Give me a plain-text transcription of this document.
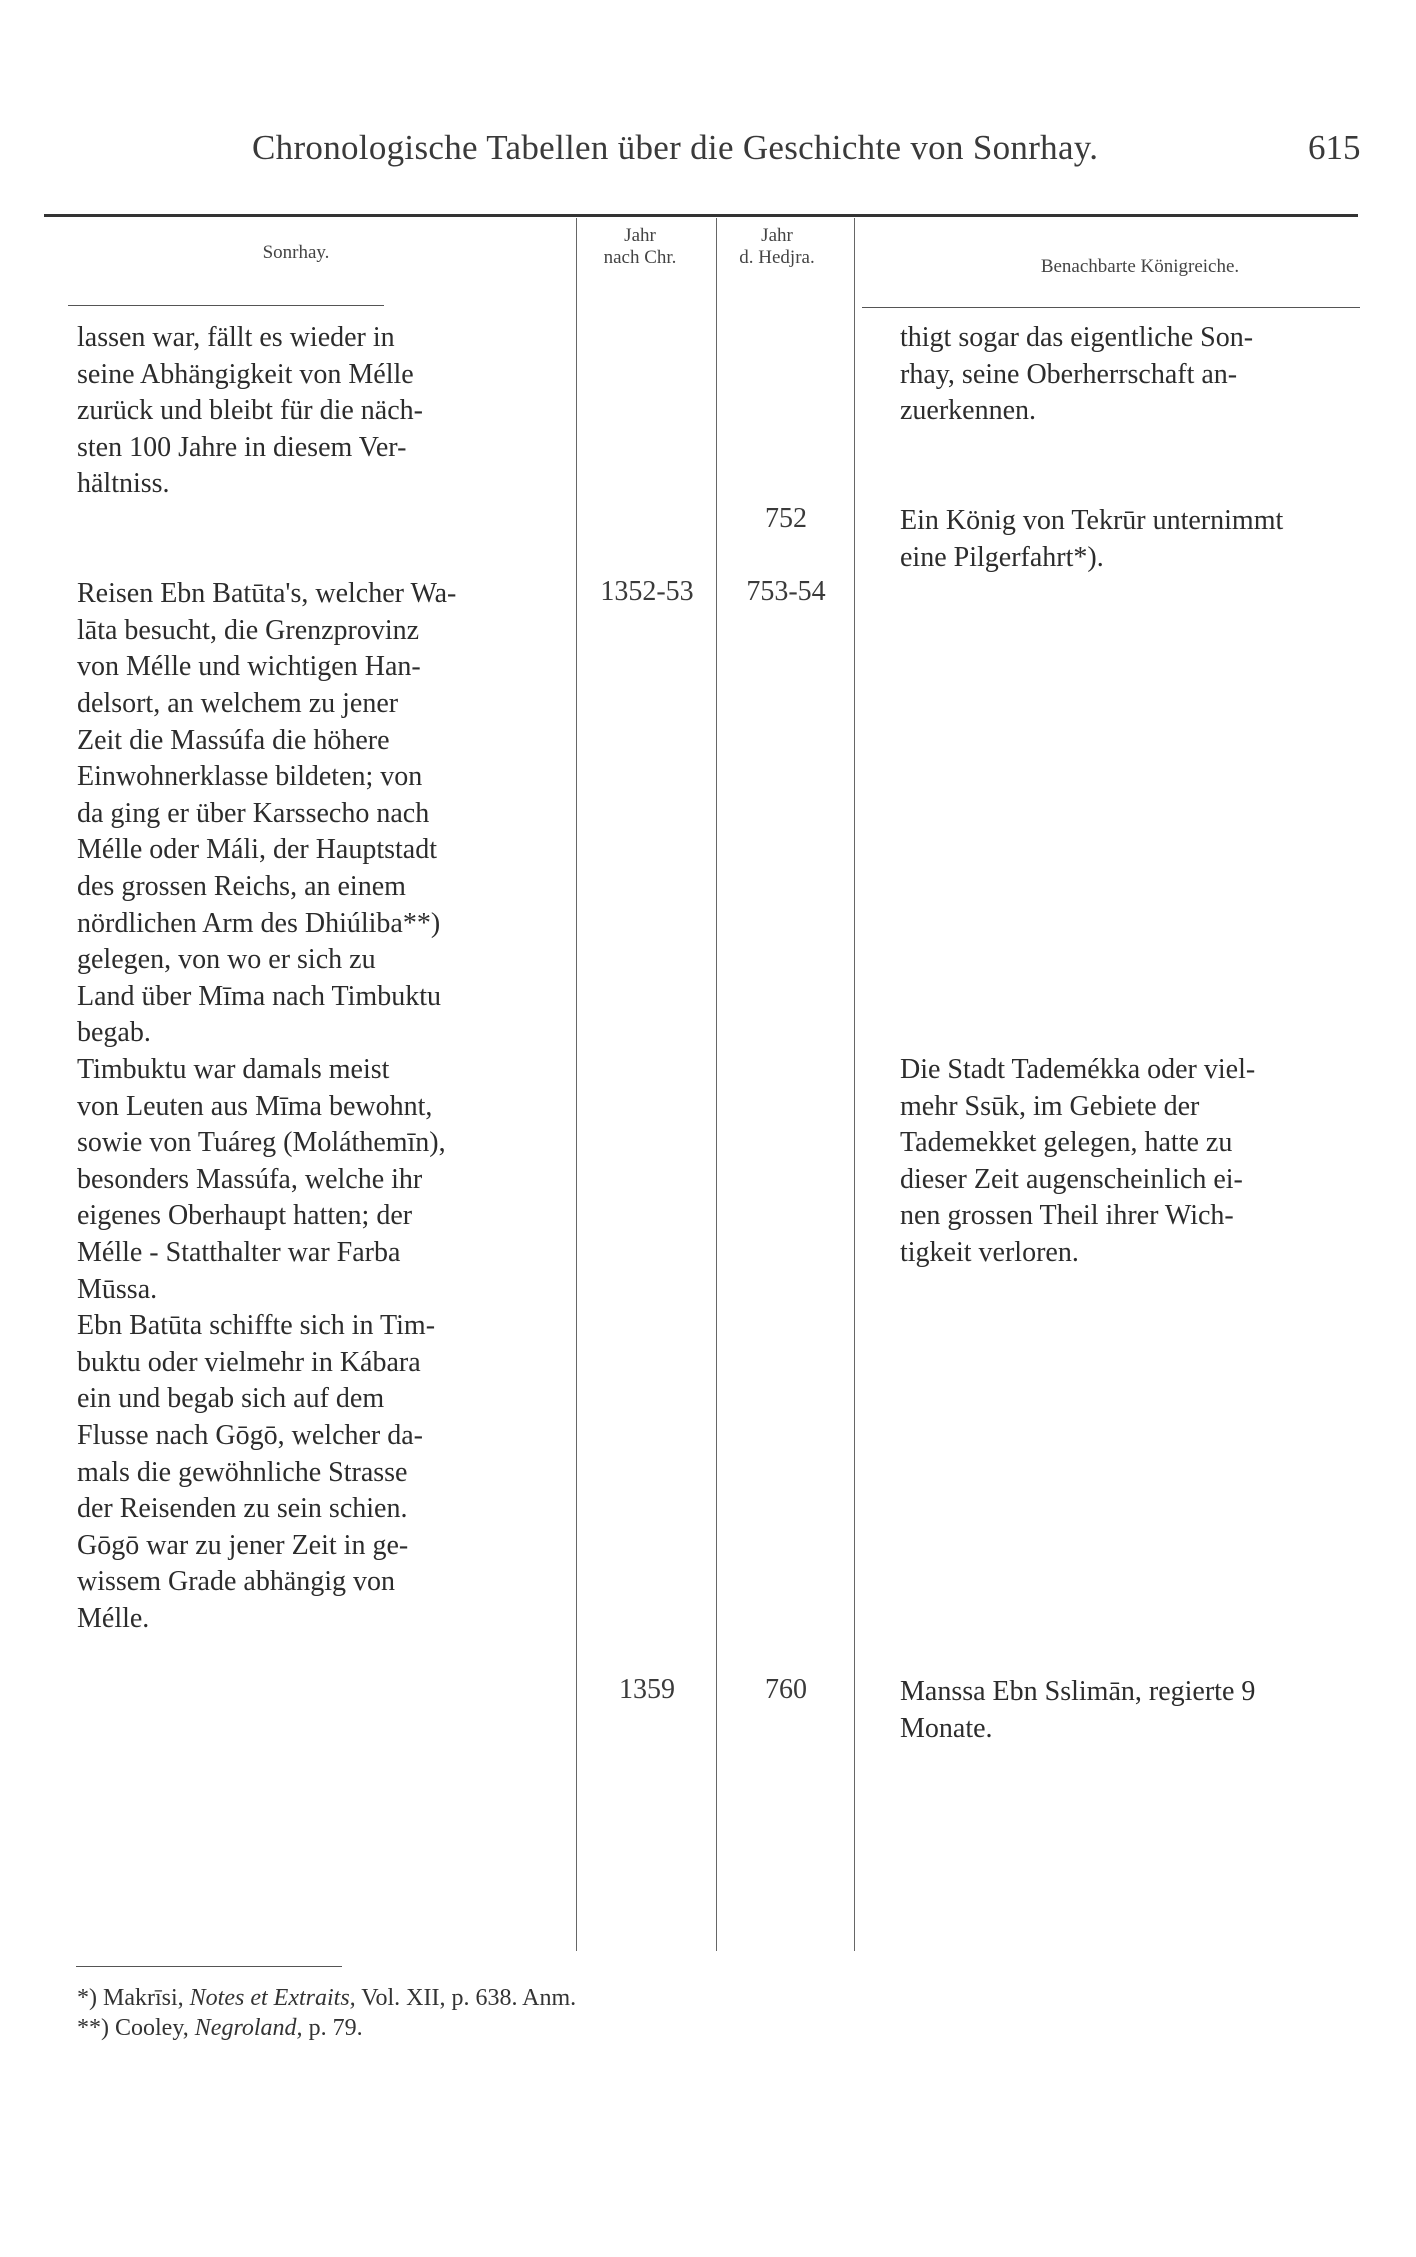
Chronologische Tabellen über die Geschichte von Sonrhay.	615
Sonrhay.
Jahr
nach Chr.
Jahr
d. Hedjra.	Benachbarte Königreiche.
lassen war, fällt es wieder in
seine Abhängigkeit von Mélle
zurück und bleibt für die näch-
sten 100 Jahre in diesem Ver-
hältniss.
Reisen Ebn Batūta's, welcher Wa-
lāta besucht, die Grenzprovinz
von Mélle und wichtigen Han-
delsort, an welchem zu jener
Zeit die Massúfa die höhere
Einwohnerklasse bildeten; von
da ging er über Karssecho nach
Mélle oder Máli, der Hauptstadt
des grossen Reichs, an einem
nördlichen Arm des Dhiúliba**)
gelegen, von wo er sich zu
Land über Mīma nach Timbuktu
begab.
Timbuktu war damals meist
von Leuten aus Mīma bewohnt,
sowie von Tuáreg (Moláthemīn),
besonders Massúfa, welche ihr
eigenes Oberhaupt hatten; der
Mélle - Statthalter war Farba
Mūssa.
Ebn Batūta schiffte sich in Tim-
buktu oder vielmehr in Kábara
ein und begab sich auf dem
Flusse nach Gōgō, welcher da-
mals die gewöhnliche Strasse
der Reisenden zu sein schien.
Gōgō war zu jener Zeit in ge-
wissem Grade abhängig von
Mélle.
1352-53
1359
752
753-54
760
thigt sogar das eigentliche Son-
rhay, seine Oberherrschaft an-
zuerkennen.
Ein König von Tekrūr unternimmt
eine Pilgerfahrt*).
Die Stadt Tademékka oder viel-
mehr Ssūk, im Gebiete der
Tademekket gelegen, hatte zu
dieser Zeit augenscheinlich ei-
nen grossen Theil ihrer Wich-
tigkeit verloren.
Manssa Ebn Sslimān, regierte 9
Monate.
*) Makrīsi, Notes et Extraits, Vol. XII, p. 638. Anm.
**) Cooley, Negroland, p. 79.
